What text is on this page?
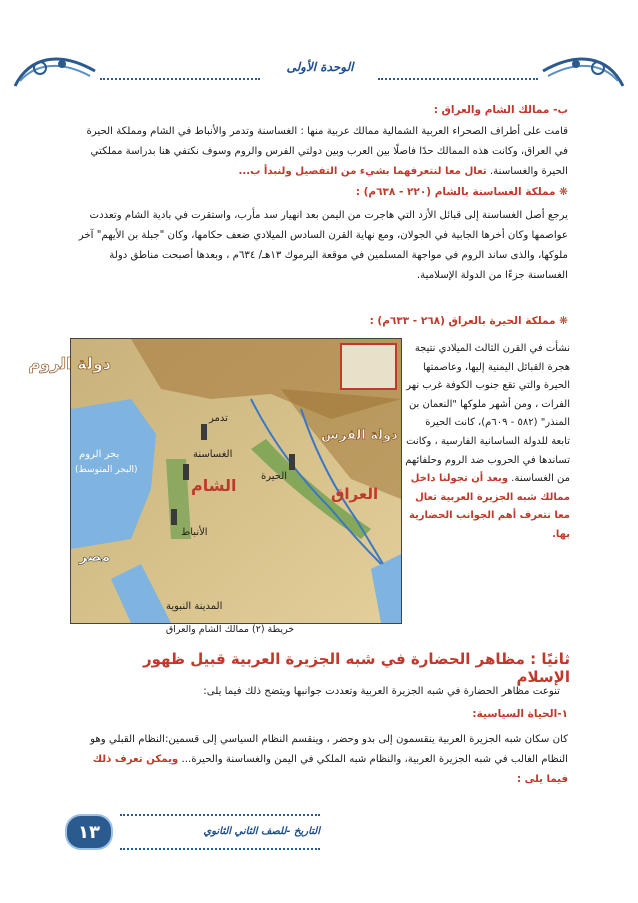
الوحدة الأولى
ب- ممالك الشام والعراق :
قامت على أطراف الصحراء العربية الشمالية ممالك عربية منها : الغساسنة وتدمر والأنباط في الشام ومملكة الحيرة في العراق، وكانت هذه الممالك حدًا فاصلًا بين العرب وبين دولتي الفرس والروم وسوف نكتفي هنا بدراسة مملكتي الحيرة والغساسنة. تعال معا لنتعرفهما بشيء من التفصيل ولنبدأ ب...
❋ مملكة الغساسنة بالشام (٢٢٠ - ٦٣٨م) :
يرجع أصل الغساسنة إلى قبائل الأزد التي هاجرت من اليمن بعد انهيار سد مأرب، واستقرت في بادية الشام وتعددت عواصمها وكان أخرها الجابية في الجولان، ومع نهاية القرن السادس الميلادي ضعف حكامها، وكان "جبلة بن الأيهم" آخر ملوكها، والذى ساند الروم في مواجهة المسلمين في موقعة اليرموك ١٣هـ/ ٦٣٤م ، وبعدها أصبحت مناطق دولة الغساسنة جزءًا من الدولة الإسلامية.
❋ مملكة الحيرة بالعراق (٢٦٨ - ٦٣٣م) :
دولة الروم
دولة الفرس
بحر الروم
(البحر المتوسط)
تدمر
الغساسنة
الحيرة
الشام	العراق
الأنباط
مصر
المدينة النبوية
خريطة (٢) ممالك الشام والعراق
نشأت في القرن الثالث الميلادي نتيجة هجرة القبائل اليمنية إليها، وعاصمتها الحيرة والتي تقع جنوب الكوفة غرب نهر الفرات ، ومن أشهر ملوكها "النعمان بن المنذر" (٥٨٢ - ٦٠٩م)، كانت الحيرة تابعة للدولة الساسانية الفارسية ، وكانت تساندها في الحروب ضد الروم وحلفائهم من الغساسنة. وبعد أن تجولنا داخل ممالك شبه الجزيرة العربية تعال معا نتعرف أهم الجوانب الحضارية بها.
ثانيًا : مظاهر الحضارة في شبه الجزيرة العربية قبيل ظهور الإسلام
تنوعت مظاهر الحضارة في شبه الجزيرة العربية وتعددت جوانبها ويتضح ذلك فيما يلى:
١-الحياة السياسية:
كان سكان شبه الجزيرة العربية ينقسمون إلى بدو وحضر ، وينقسم النظام السياسي إلى قسمين:النظام القبلي وهو النظام الغالب في شبه الجزيرة العربية، والنظام شبه الملكي في اليمن والغساسنة والحيرة... ويمكن تعرف ذلك فيما يلى :
التاريخ -للصف الثاني الثانوي
١٣
